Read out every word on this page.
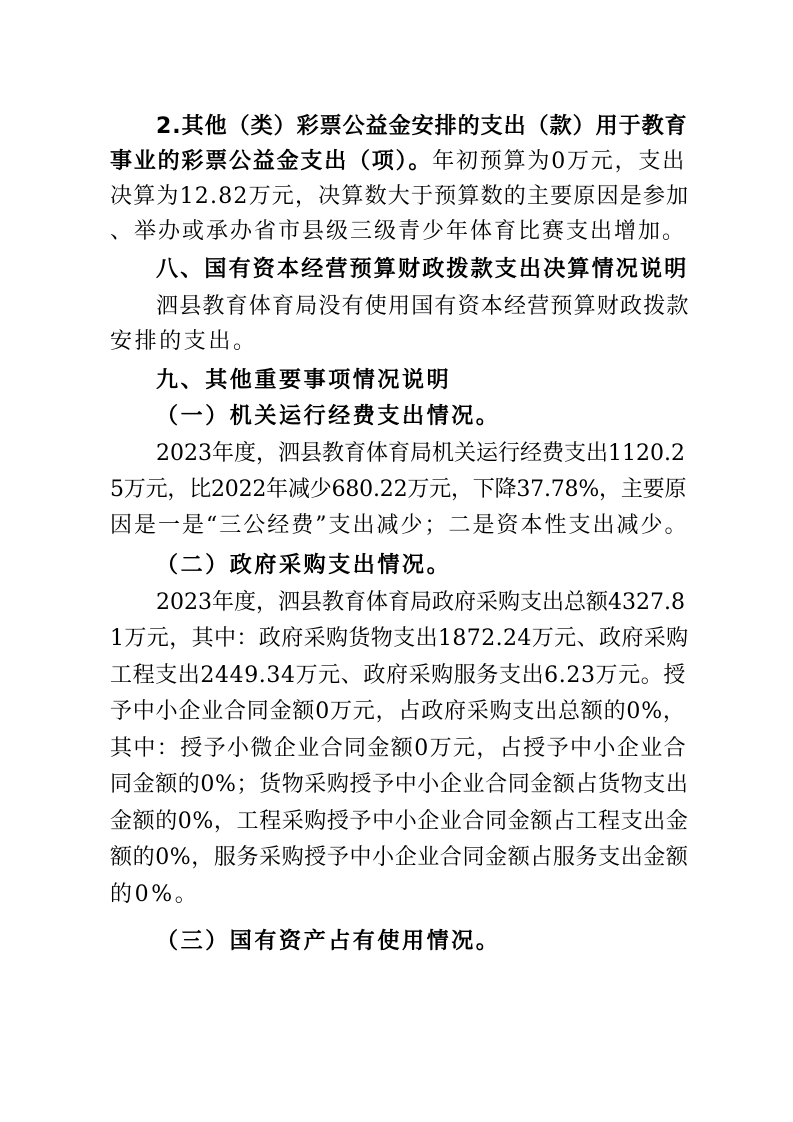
2.其他（类）彩票公益金安排的支出（款）用于教育
事业的彩票公益金支出（项）。年初预算为0万元，支出
决算为12.82万元，决算数大于预算数的主要原因是参加
、举办或承办省市县级三级青少年体育比赛支出增加。
八、国有资本经营预算财政拨款支出决算情况说明
泗县教育体育局没有使用国有资本经营预算财政拨款
安排的支出。
九、其他重要事项情况说明
（一）机关运行经费支出情况。
2023年度，泗县教育体育局机关运行经费支出1120.2
5万元，比2022年减少680.22万元，下降37.78%，主要原
因是一是“三公经费”支出减少；二是资本性支出减少。
（二）政府采购支出情况。
2023年度，泗县教育体育局政府采购支出总额4327.8
1万元，其中：政府采购货物支出1872.24万元、政府采购
工程支出2449.34万元、政府采购服务支出6.23万元。授
予中小企业合同金额0万元，占政府采购支出总额的0%，
其中：授予小微企业合同金额0万元，占授予中小企业合
同金额的0%；货物采购授予中小企业合同金额占货物支出
金额的0%，工程采购授予中小企业合同金额占工程支出金
额的0%，服务采购授予中小企业合同金额占服务支出金额
的0%。
（三）国有资产占有使用情况。
